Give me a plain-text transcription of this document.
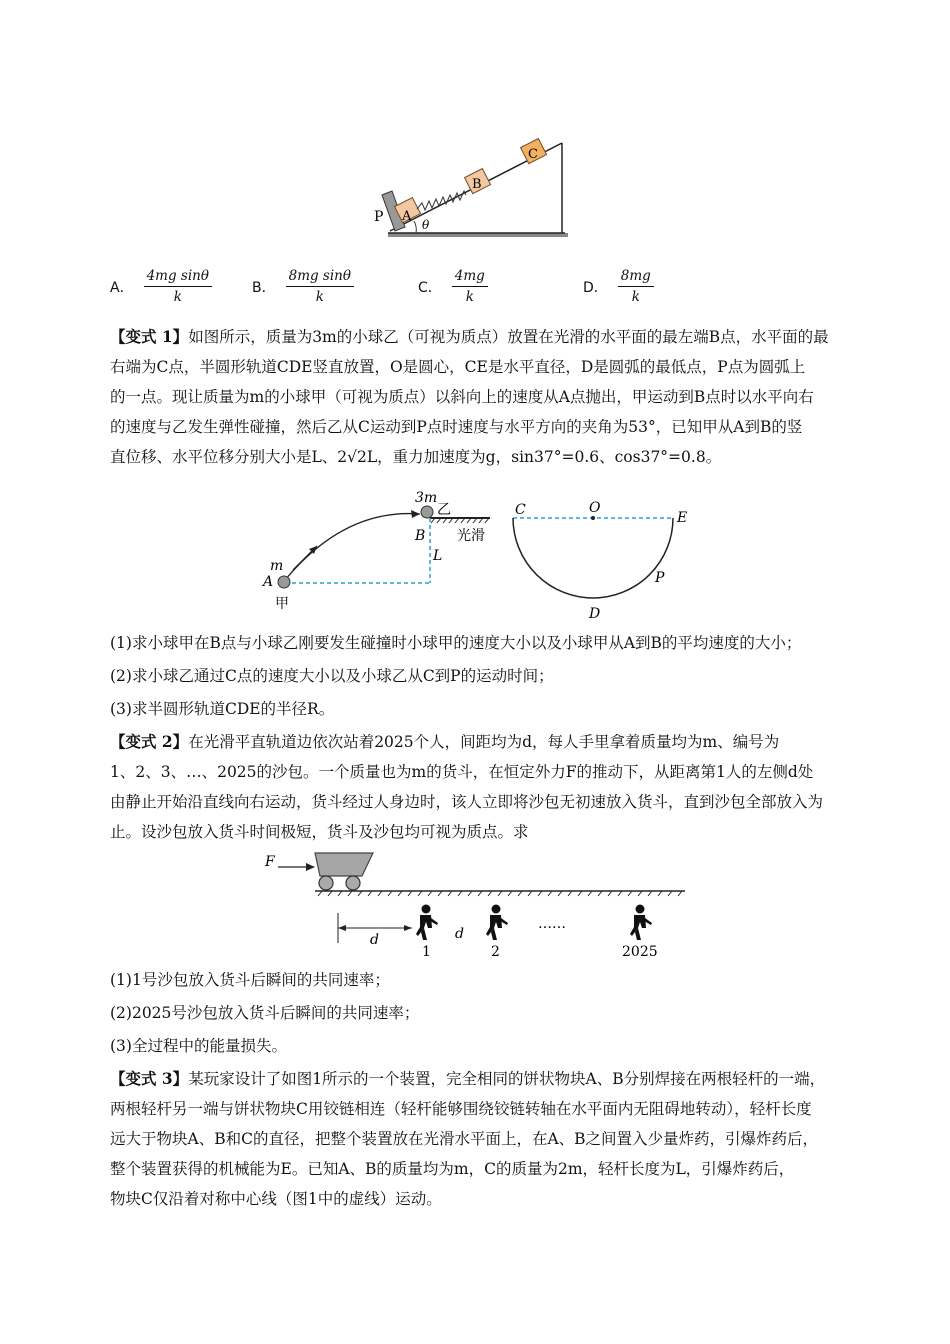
P A
B
C
θ
A． $\frac{\text{4mg sinθ}}{k}$	B． $\frac{\text{8mg sinθ}}{k}$	C． $\frac{4mg}{k}$	D． $\frac{8mg}{k}$
【变式 1】如图所示，质量为3m的小球乙（可视为质点）放置在光滑的水平面的最左端B点，水平面的最
右端为C点，半圆形轨道CDE竖直放置，O是圆心，CE是水平直径，D是圆弧的最低点，P点为圆弧上
的一点。现让质量为m的小球甲（可视为质点）以斜向上的速度从A点抛出，甲运动到B点时以水平向右
的速度与乙发生弹性碰撞，然后乙从C运动到P点时速度与水平方向的夹角为53°，已知甲从A到B的竖
直位移、水平位移分别大小是L、2√2L，重力加速度为g，sin37°=0.6、cos37°=0.8。
3m
乙
B
C	O
E
光滑
L
m
A
甲
P
D
(1)求小球甲在B点与小球乙刚要发生碰撞时小球甲的速度大小以及小球甲从A到B的平均速度的大小；
(2)求小球乙通过C点的速度大小以及小球乙从C到P的运动时间；
(3)求半圆形轨道CDE的半径R。
【变式 2】在光滑平直轨道边依次站着2025个人，间距均为d，每人手里拿着质量均为m、编号为
1、2、3、…、2025的沙包。一个质量也为m的货斗，在恒定外力F的推动下，从距离第1人的左侧d处
由静止开始沿直线向右运动，货斗经过人身边时，该人立即将沙包无初速放入货斗，直到沙包全部放入为
止。设沙包放入货斗时间极短，货斗及沙包均可视为质点。求
F
d
1
d
2
……
2025
(1)1号沙包放入货斗后瞬间的共同速率；
(2)2025号沙包放入货斗后瞬间的共同速率；
(3)全过程中的能量损失。
【变式 3】某玩家设计了如图1所示的一个装置，完全相同的饼状物块A、B分别焊接在两根轻杆的一端，
两根轻杆另一端与饼状物块C用铰链相连（轻杆能够围绕铰链转轴在水平面内无阻碍地转动），轻杆长度
远大于物块A、B和C的直径，把整个装置放在光滑水平面上，在A、B之间置入少量炸药，引爆炸药后，
整个装置获得的机械能为E。已知A、B的质量均为m，C的质量为2m，轻杆长度为L，引爆炸药后，
物块C仅沿着对称中心线（图1中的虚线）运动。
